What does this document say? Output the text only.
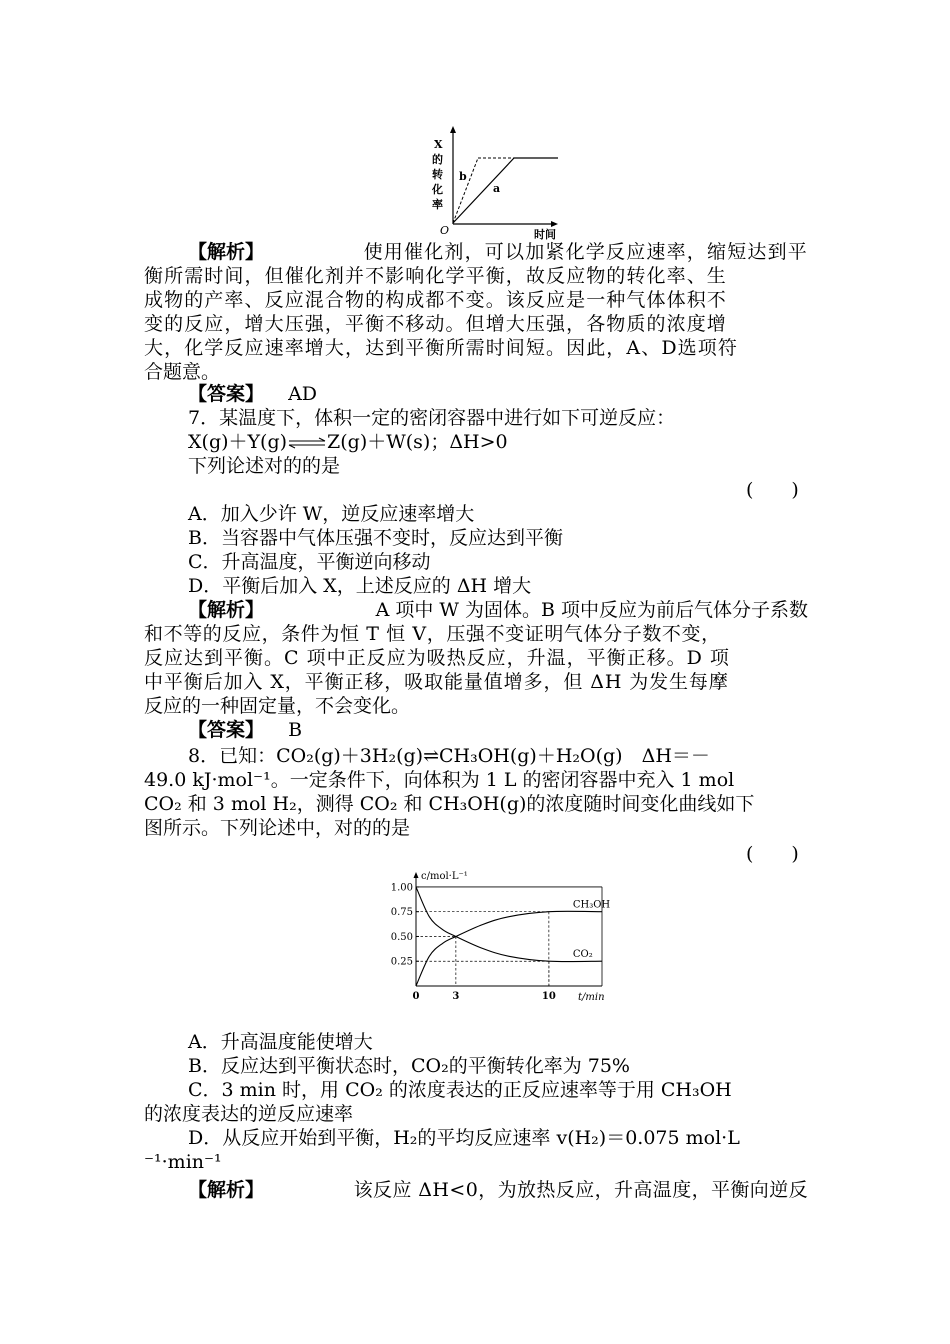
X
的
转
化
率
O	时间
b
a
【解析】	使用催化剂，可以加紧化学反应速率，缩短达到平
衡所需时间，但催化剂并不影响化学平衡，故反应物的转化率、生
成物的产率、反应混合物的构成都不变。该反应是一种气体体积不
变的反应，增大压强，平衡不移动。但增大压强，各物质的浓度增
大，化学反应速率增大，达到平衡所需时间短。因此，A、D选项符
合题意。
【答案】 AD
7．某温度下，体积一定的密闭容器中进行如下可逆反应：
X(g)＋Y(g)⇌Z(g)＋W(s)；ΔH>0
下列论述对的的是
(　　)
A．加入少许 W，逆反应速率增大
B．当容器中气体压强不变时，反应达到平衡
C．升高温度，平衡逆向移动
D．平衡后加入 X，上述反应的 ΔH 增大
【解析】	A 项中 W 为固体。B 项中反应为前后气体分子系数
和不等的反应，条件为恒 T 恒 V，压强不变证明气体分子数不变，
反应达到平衡。C 项中正反应为吸热反应，升温，平衡正移。D 项
中平衡后加入 X，平衡正移，吸取能量值增多，但 ΔH 为发生每摩
反应的一种固定量，不会变化。
【答案】 B
8．已知：CO₂(g)＋3H₂(g)⇌CH₃OH(g)＋H₂O(g)　ΔH＝－
49.0 kJ·mol⁻¹。一定条件下，向体积为 1 L 的密闭容器中充入 1 mol
CO₂ 和 3 mol H₂，测得 CO₂ 和 CH₃OH(g)的浓度随时间变化曲线如下
图所示。下列论述中，对的的是
(　　)
0.25
0.50
0.75
1.00
0	3	10
CH₃OH
CO₂
c/mol·L⁻¹
t/min
A．升高温度能使增大
B．反应达到平衡状态时，CO₂的平衡转化率为 75%
C．3 min 时，用 CO₂ 的浓度表达的正反应速率等于用 CH₃OH
的浓度表达的逆反应速率
D．从反应开始到平衡，H₂的平均反应速率 v(H₂)＝0.075 mol·L
⁻¹·min⁻¹
【解析】	该反应 ΔH<0，为放热反应，升高温度，平衡向逆反
